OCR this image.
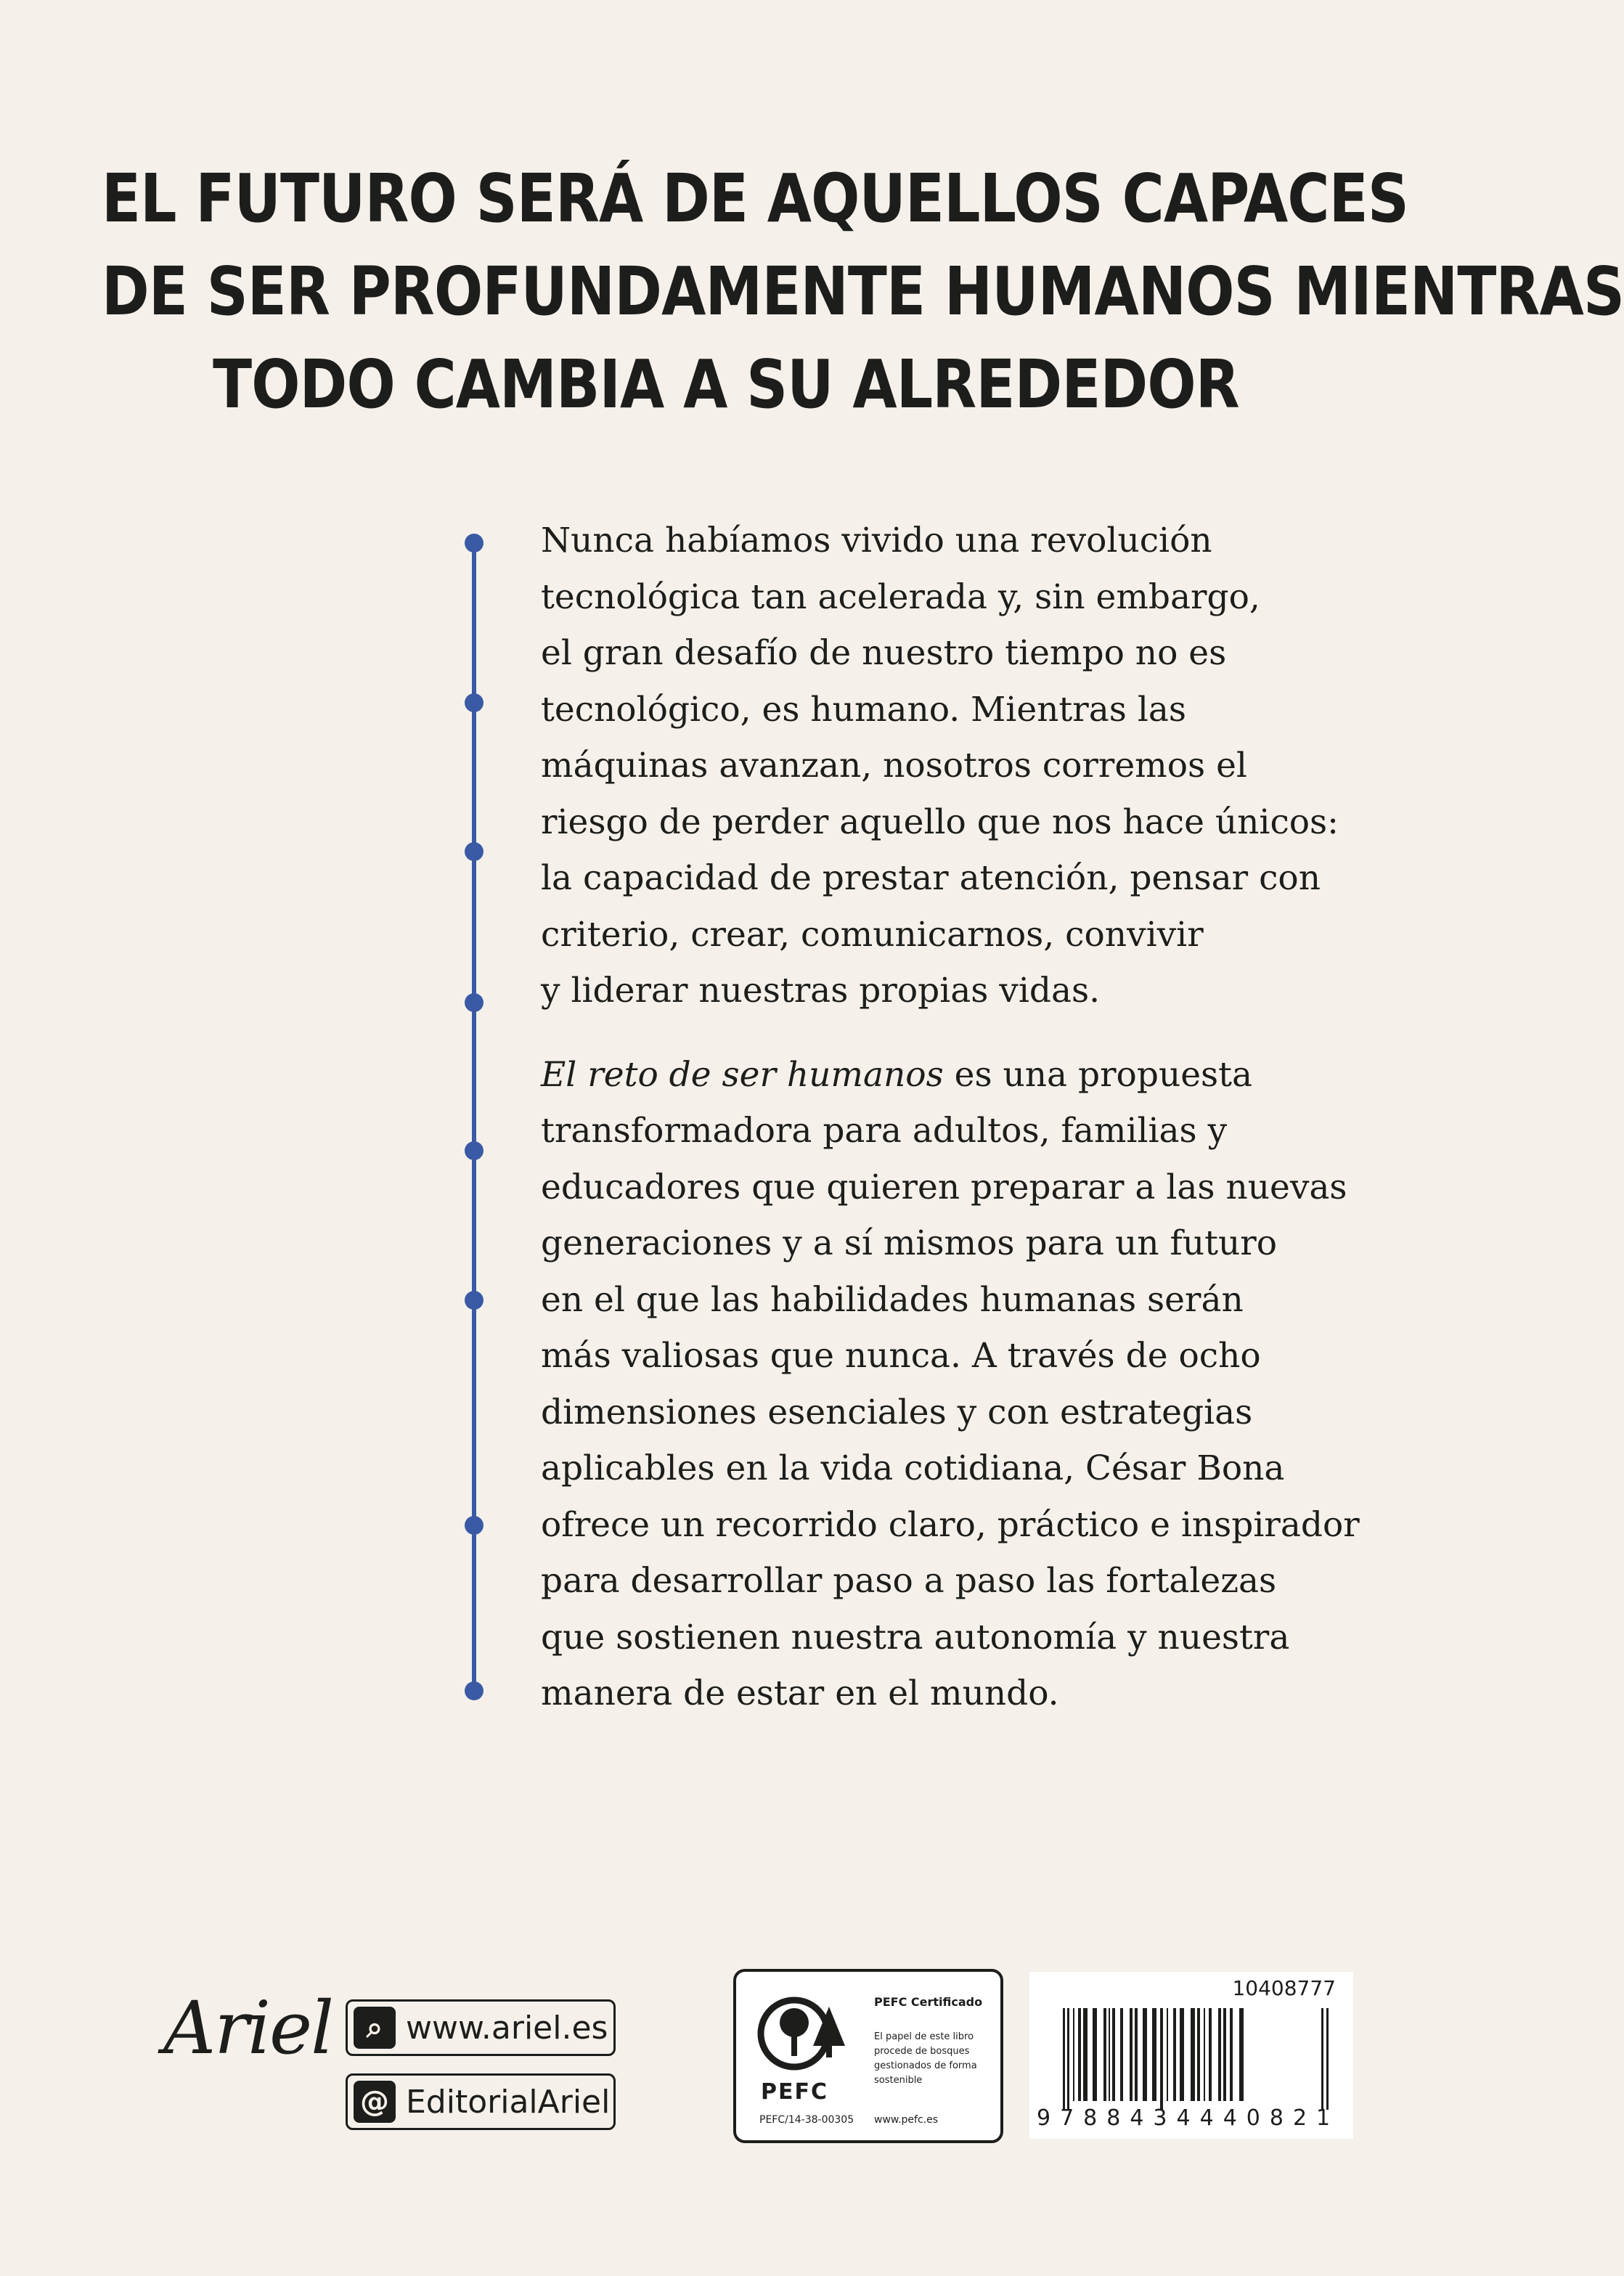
EL FUTURO SERÁ DE AQUELLOS CAPACES
DE SER PROFUNDAMENTE HUMANOS MIENTRAS
TODO CAMBIA A SU ALREDEDOR
Nunca habíamos vivido una revolución
tecnológica tan acelerada y, sin embargo,
el gran desafío de nuestro tiempo no es
tecnológico, es humano. Mientras las
máquinas avanzan, nosotros corremos el
riesgo de perder aquello que nos hace únicos:
la capacidad de prestar atención, pensar con
criterio, crear, comunicarnos, convivir
y liderar nuestras propias vidas.
El reto de ser humanos es una propuesta
transformadora para adultos, familias y
educadores que quieren preparar a las nuevas
generaciones y a sí mismos para un futuro
en el que las habilidades humanas serán
más valiosas que nunca. A través de ocho
dimensiones esenciales y con estrategias
aplicables en la vida cotidiana, César Bona
ofrece un recorrido claro, práctico e inspirador
para desarrollar paso a paso las fortalezas
que sostienen nuestra autonomía y nuestra
manera de estar en el mundo.
Ariel	⌕ www.ariel.es
@ EditorialAriel	PEFC
PEFC/14-38-00305
PEFC Certificado
El papel de este libro procede de bosques gestionados de forma sostenible
www.pefc.es
10408777
9788434440821
